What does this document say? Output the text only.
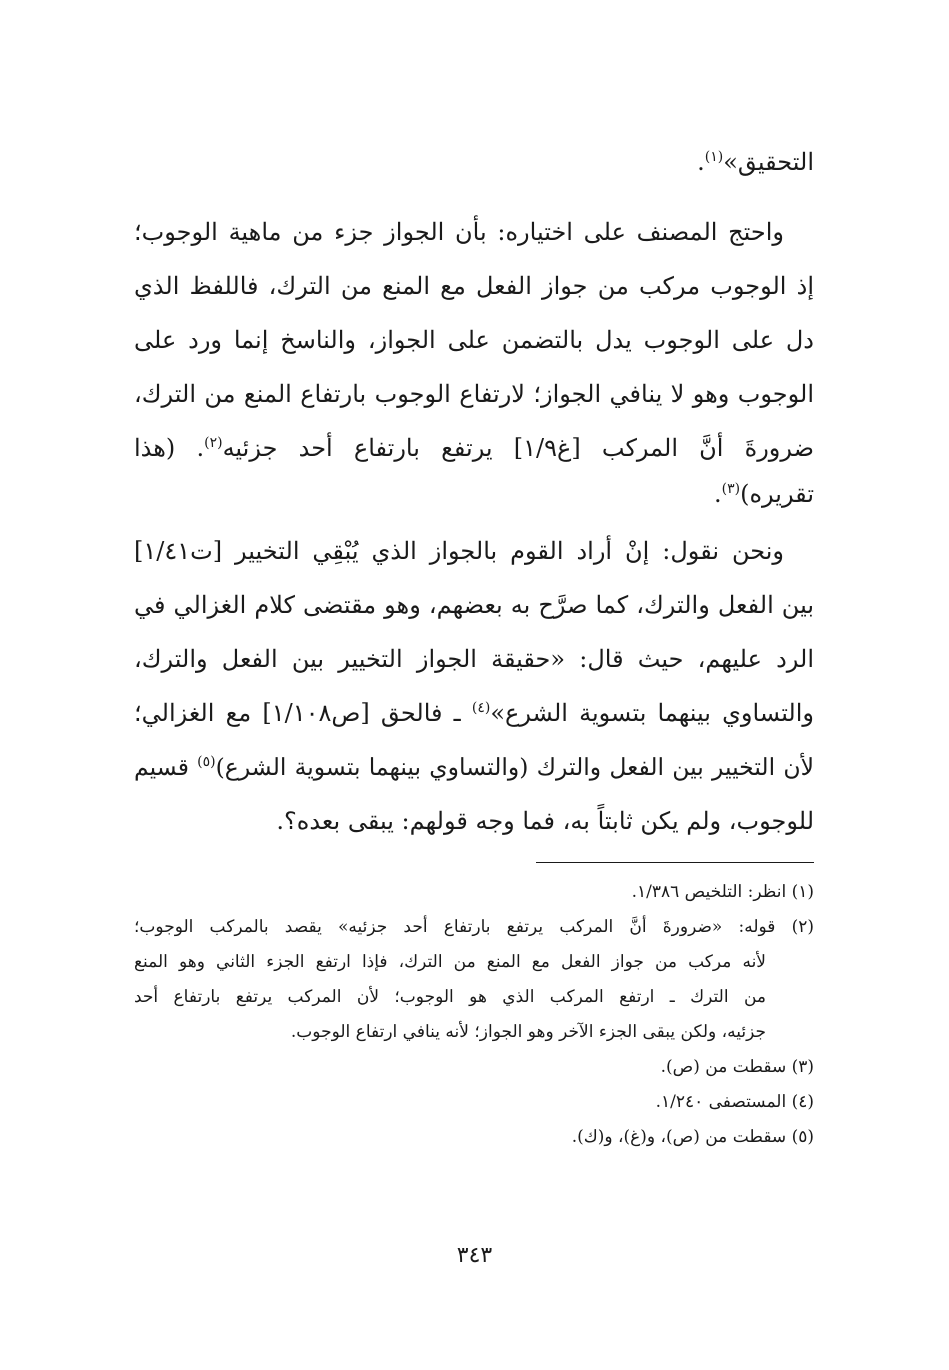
التحقيق»$^{(١)}$.

واحتج المصنف على اختياره: بأن الجواز جزء من ماهية الوجوب؛
إذ الوجوب مركب من جواز الفعل مع المنع من الترك، فاللفظ الذي
دل على الوجوب يدل بالتضمن على الجواز، والناسخ إنما ورد على
الوجوب وهو لا ينافي الجواز؛ لارتفاع الوجوب بارتفاع المنع من الترك،
ضرورةَ أنَّ المركب [غ١/٩] يرتفع بارتفاع أحد جزئيه$^{(٢)}$. (هذا
تقريره)$^{(٣)}$.

ونحن نقول: إنْ أراد القوم بالجواز الذي يُبْقِي التخيير [ت١/٤١]
بين الفعل والترك، كما صرَّح به بعضهم، وهو مقتضى كلام الغزالي في
الرد عليهم، حيث قال: «حقيقة الجواز التخيير بين الفعل والترك،
والتساوي بينهما بتسوية الشرع»$^{(٤)}$ ـ فالحق [ص١/١٠٨] مع الغزالي؛
لأن التخيير بين الفعل والترك (والتساوي بينهما بتسوية الشرع)$^{(٥)}$ قسيم
للوجوب، ولم يكن ثابتاً به، فما وجه قولهم: يبقى بعده؟.

(١) انظر: التلخيص ١/٣٨٦.
(٢) قوله: «ضرورةَ أنَّ المركب يرتفع بارتفاع أحد جزئيه» يقصد بالمركب الوجوب؛
لأنه مركب من جواز الفعل مع المنع من الترك، فإذا ارتفع الجزء الثاني وهو المنع
من الترك ـ ارتفع المركب الذي هو الوجوب؛ لأن المركب يرتفع بارتفاع أحد
جزئيه، ولكن يبقى الجزء الآخر وهو الجواز؛ لأنه ينافي ارتفاع الوجوب.
(٣) سقطت من (ص).
(٤) المستصفى ١/٢٤٠.
(٥) سقطت من (ص)، و(غ)، و(ك).
٣٤٣
